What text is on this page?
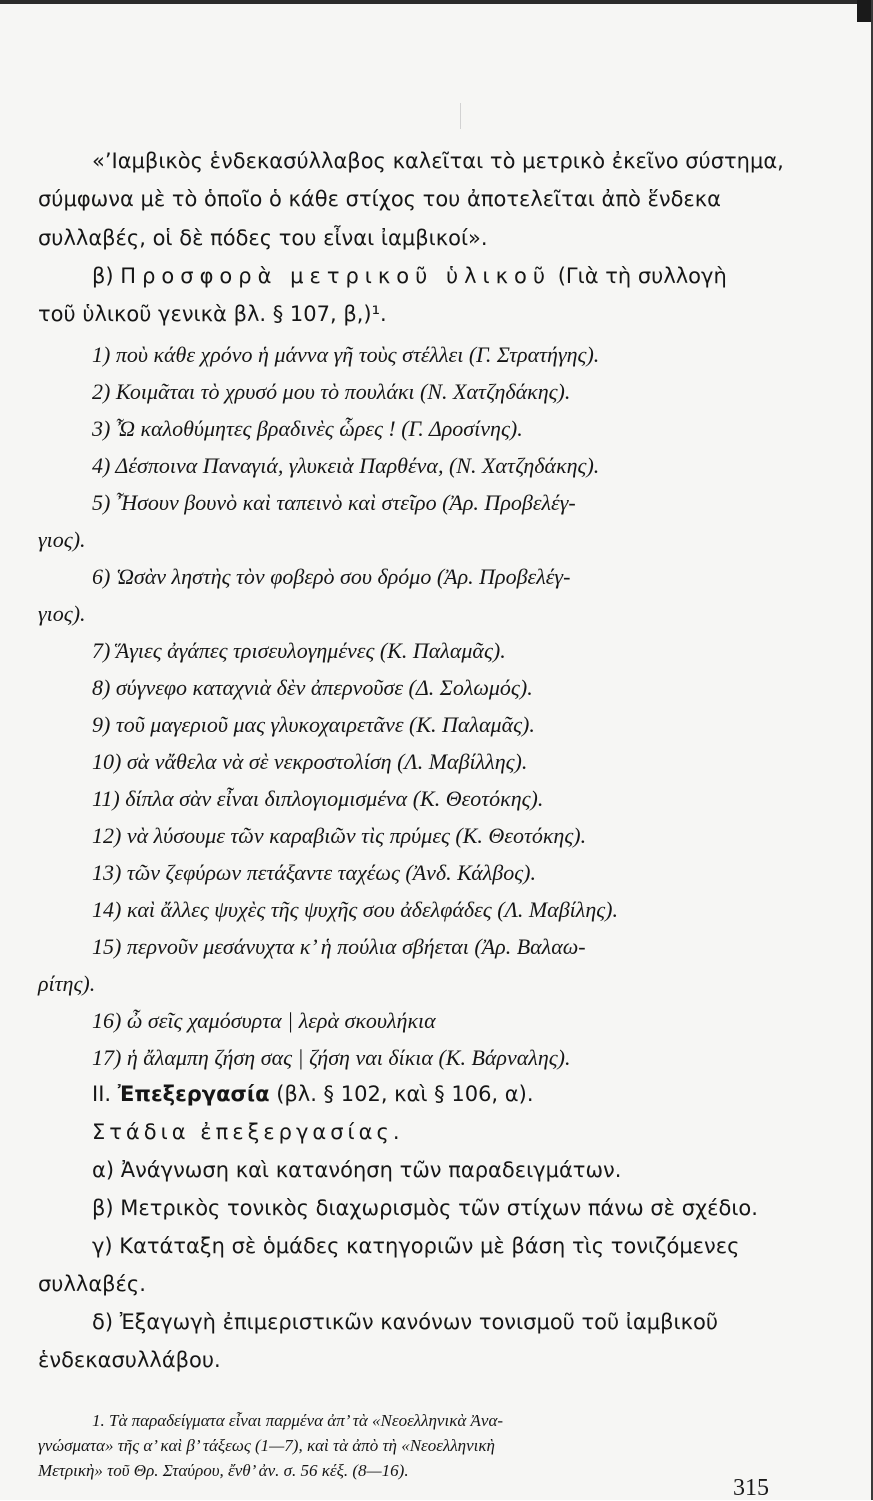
«’Ιαμβικὸς ἑνδεκασύλλαβος καλεῖται τὸ μετρικὸ ἐκεῖνο σύστημα,
σύμφωνα μὲ τὸ ὁποῖο ὁ κάθε στίχος του ἀποτελεῖται ἀπὸ ἕνδεκα
συλλαβές, οἱ δὲ πόδες του εἶναι ἰαμβικοί».
β) Προσφορὰ μετρικοῦ ὑλικοῦ (Γιὰ τὴ συλλογὴ
τοῦ ὑλικοῦ γενικὰ βλ. § 107, β,)¹.
1) ποὺ κάθε χρόνο ἡ μάννα γῆ τοὺς στέλλει (Γ. Στρατήγης).
2) Κοιμᾶται τὸ χρυσό μου τὸ πουλάκι (Ν. Χατζηδάκης).
3) Ὦ καλοθύμητες βραδινὲς ὧρες ! (Γ. Δροσίνης).
4) Δέσποινα Παναγιά, γλυκειὰ Παρθένα, (Ν. Χατζηδάκης).
5) Ἦσουν βουνὸ καὶ ταπεινὸ καὶ στεῖρο (Ἀρ. Προβελέγ-
γιος).
6) Ὡσὰν ληστὴς τὸν φοβερὸ σου δρόμο (Ἀρ. Προβελέγ-
γιος).
7) Ἅγιες ἀγάπες τρισευλογημένες (Κ. Παλαμᾶς).
8) σύγνεφο καταχνιὰ δὲν ἀπερνοῦσε (Δ. Σολωμός).
9) τοῦ μαγεριοῦ μας γλυκοχαιρετᾶνε (Κ. Παλαμᾶς).
10) σὰ νἄθελα νὰ σὲ νεκροστολίση (Λ. Μαβίλλης).
11) δίπλα σὰν εἶναι διπλογιομισμένα (Κ. Θεοτόκης).
12) νὰ λύσουμε τῶν καραβιῶν τὶς πρύμες (Κ. Θεοτόκης).
13) τῶν ζεφύρων πετάξαντε ταχέως (Ἀνδ. Κάλβος).
14) καὶ ἄλλες ψυχὲς τῆς ψυχῆς σου ἀδελφάδες (Λ. Μαβίλης).
15) περνοῦν μεσάνυχτα κ’ ἡ πούλια σβήεται (Ἀρ. Βαλαω-
ρίτης).
16) ὦ σεῖς χαμόσυρτα | λερὰ σκουλήκια
17) ἡ ἄλαμπη ζήση σας | ζήση ναι δίκια (Κ. Βάρναλης).
II. Ἐπεξεργασία (βλ. § 102, καὶ § 106, α).
Στάδια ἐπεξεργασίας.
α) Ἀνάγνωση καὶ κατανόηση τῶν παραδειγμάτων.
β) Μετρικὸς τονικὸς διαχωρισμὸς τῶν στίχων πάνω σὲ σχέδιο.
γ) Κατάταξη σὲ ὁμάδες κατηγοριῶν μὲ βάση τὶς τονιζόμενες
συλλαβές.
δ) Ἐξαγωγὴ ἐπιμεριστικῶν κανόνων τονισμοῦ τοῦ ἰαμβικοῦ
ἑνδεκασυλλάβου.
1. Τὰ παραδείγματα εἶναι παρμένα ἀπ’ τὰ «Νεοελληνικὰ Ἀνα-
γνώσματα» τῆς α’ καὶ β’ τάξεως (1—7), καὶ τὰ ἀπὸ τὴ «Νεοελληνικὴ
Μετρικὴ» τοῦ Θρ. Σταύρου, ἔνθ’ ἀν. σ. 56 κέξ. (8—16).
315
